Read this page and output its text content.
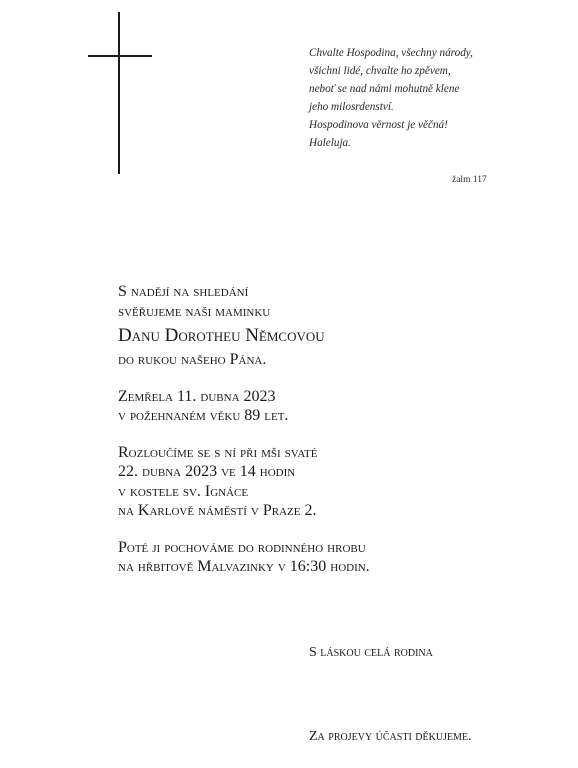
Chvalte Hospodina, všechny národy,
všichni lidé, chvalte ho zpěvem,
neboť se nad námi mohutně klene
jeho milosrdenství.
Hospodinova věrnost je věčná!
Haleluja.
žalm 117
S nadějí na shledání
svěřujeme naši maminku
Danu Dorotheu Němcovou
do rukou našeho Pána.
Zemřela 11. dubna 2023
v požehnaném věku 89 let.
Rozloučíme se s ní při mši svaté
22. dubna 2023 ve 14 hodin
v kostele sv. Ignáce
na Karlově náměstí v Praze 2.
Poté ji pochováme do rodinného hrobu
na hřbitově Malvazinky v 16:30 hodin.
S láskou celá rodina
Za projevy účasti děkujeme.
